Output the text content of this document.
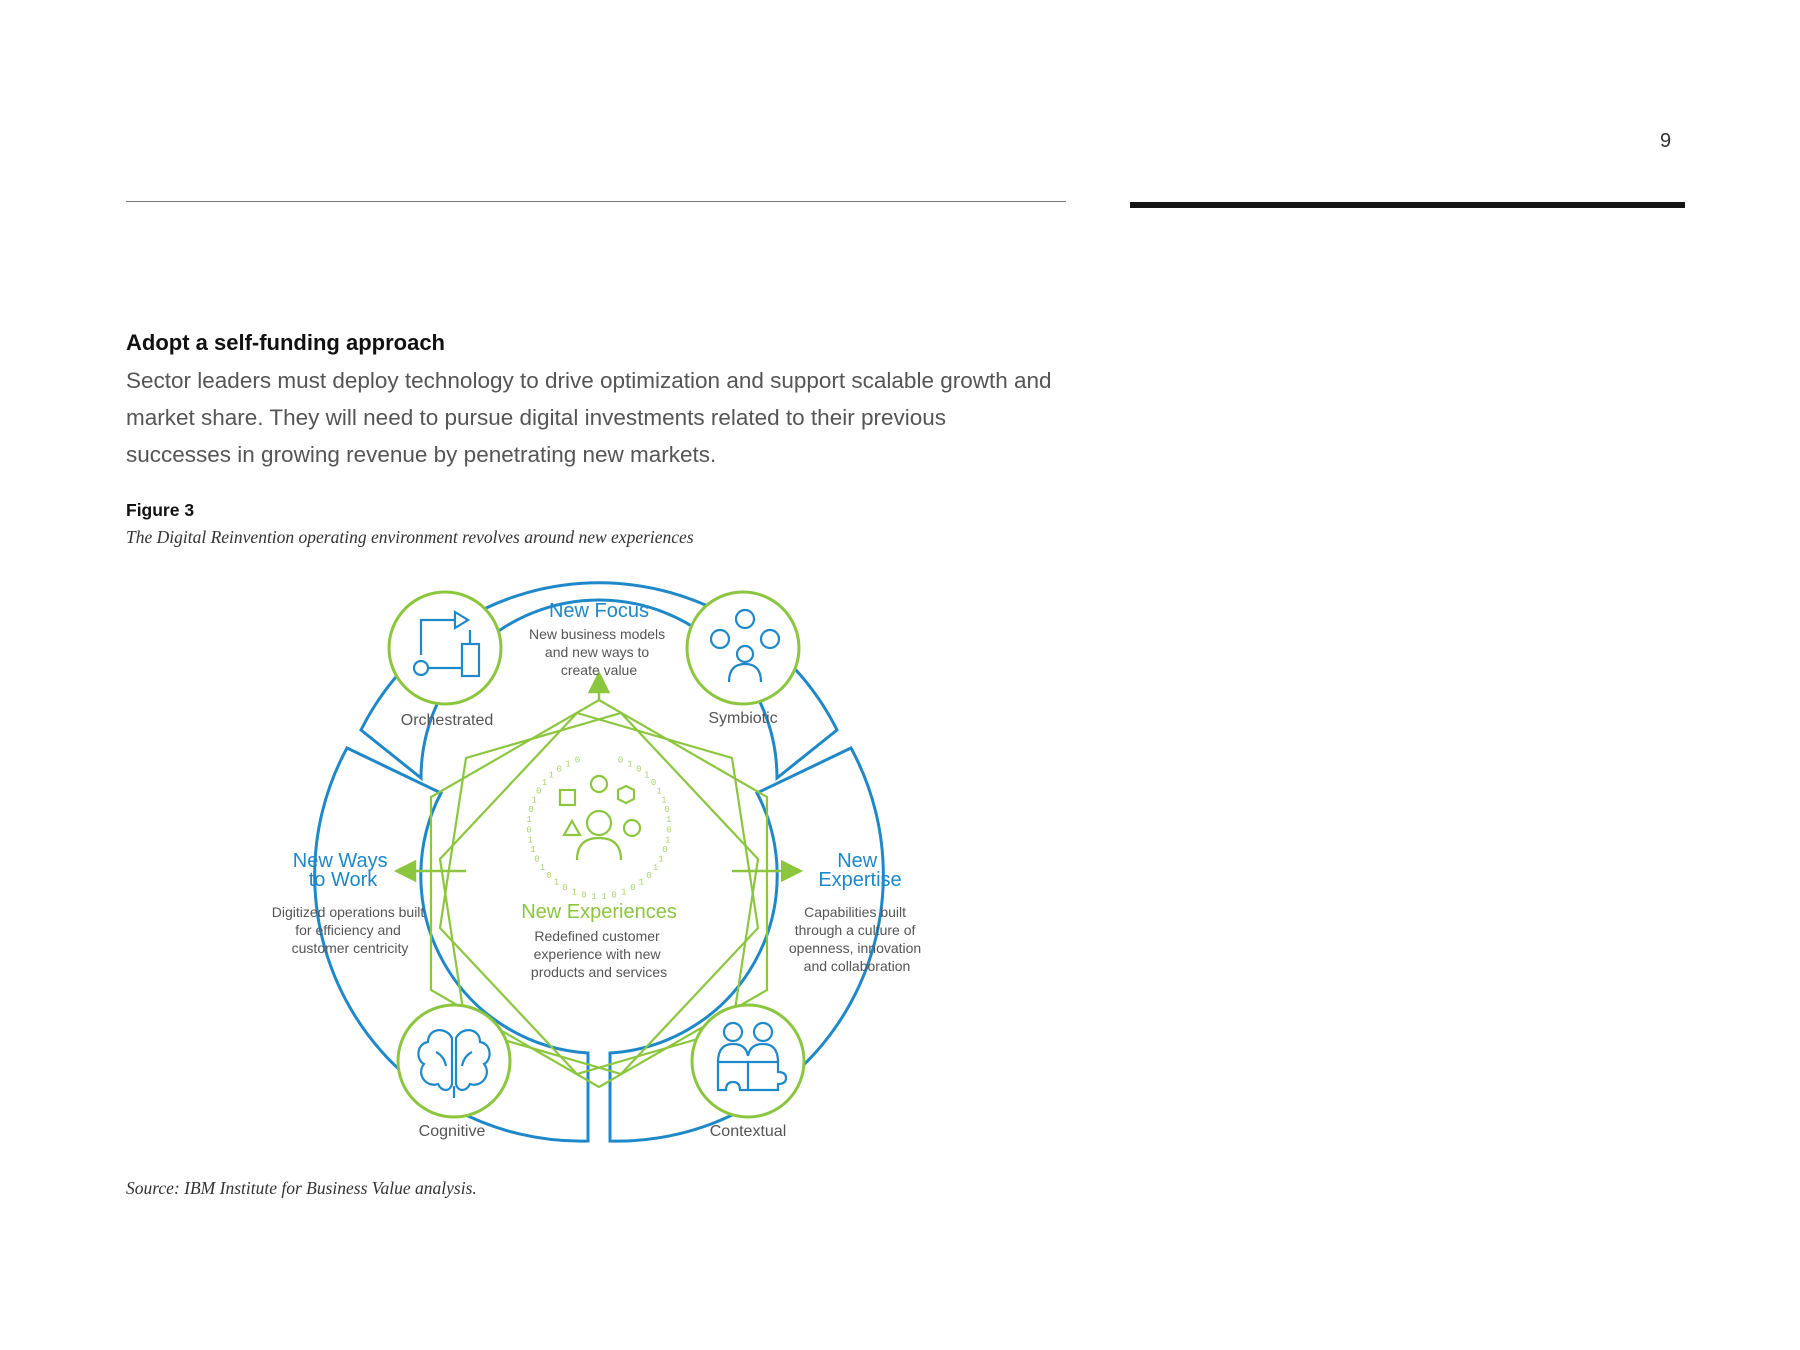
9
Adopt a self-funding approach
Sector leaders must deploy technology to drive optimization and support scalable growth and market share. They will need to pursue digital investments related to their previous successes in growing revenue by penetrating new markets.
Figure 3
The Digital Reinvention operating environment revolves around new experiences
0 1
0
1
0
1
1
0
1
0
1
0
1
1
0
1
0
1
0
1
1
0
1
0
1
0
1
0
1
1
0
1
0
1
0
1
1
0
1 0
New Experiences
Redefined customer experience with new products and services
New Focus
New business models and new ways to create value
New Ways to Work
Digitized operations built for efficiency and customer centricity
New Expertise
Capabilities built through a culture of openness, innovation and collaboration
Orchestrated	Symbiotic
Cognitive	Contextual
Source: IBM Institute for Business Value analysis.
